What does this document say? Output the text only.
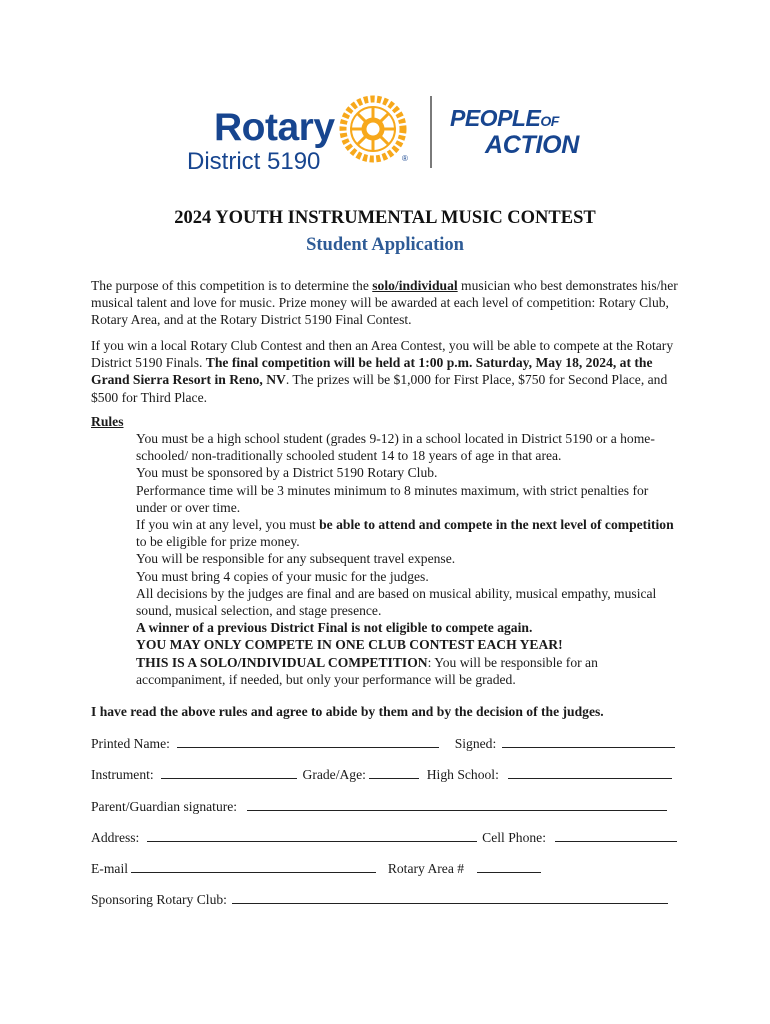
Rotary
District 5190	®
PEOPLEOF
ACTION
2024 YOUTH INSTRUMENTAL MUSIC CONTEST
Student Application

The purpose of this competition is to determine the solo/individual musician who best demonstrates his/her musical talent and love for music. Prize money will be awarded at each level of competition: Rotary Club, Rotary Area, and at the Rotary District 5190 Final Contest.

If you win a local Rotary Club Contest and then an Area Contest, you will be able to compete at the Rotary District 5190 Finals. The final competition will be held at 1:00 p.m. Saturday, May 18, 2024, at the Grand Sierra Resort in Reno, NV. The prizes will be $1,000 for First Place, $750 for Second Place, and $500 for Third Place.

Rules
You must be a high school student (grades 9-12) in a school located in District 5190 or a home-schooled/ non-traditionally schooled student 14 to 18 years of age in that area.
You must be sponsored by a District 5190 Rotary Club.
Performance time will be 3 minutes minimum to 8 minutes maximum, with strict penalties for under or over time.
If you win at any level, you must be able to attend and compete in the next level of competition to be eligible for prize money.
You will be responsible for any subsequent travel expense.
You must bring 4 copies of your music for the judges.
All decisions by the judges are final and are based on musical ability, musical empathy, musical sound, musical selection, and stage presence.
A winner of a previous District Final is not eligible to compete again.
YOU MAY ONLY COMPETE IN ONE CLUB CONTEST EACH YEAR!
THIS IS A SOLO/INDIVIDUAL COMPETITION: You will be responsible for an accompaniment, if needed, but only your performance will be graded.
I have read the above rules and agree to abide by them and by the decision of the judges.
Printed Name:	Signed:
Instrument:	Grade/Age:	High School:
Parent/Guardian signature:
Address:	Cell Phone:
E-mail	Rotary Area #
Sponsoring Rotary Club:
